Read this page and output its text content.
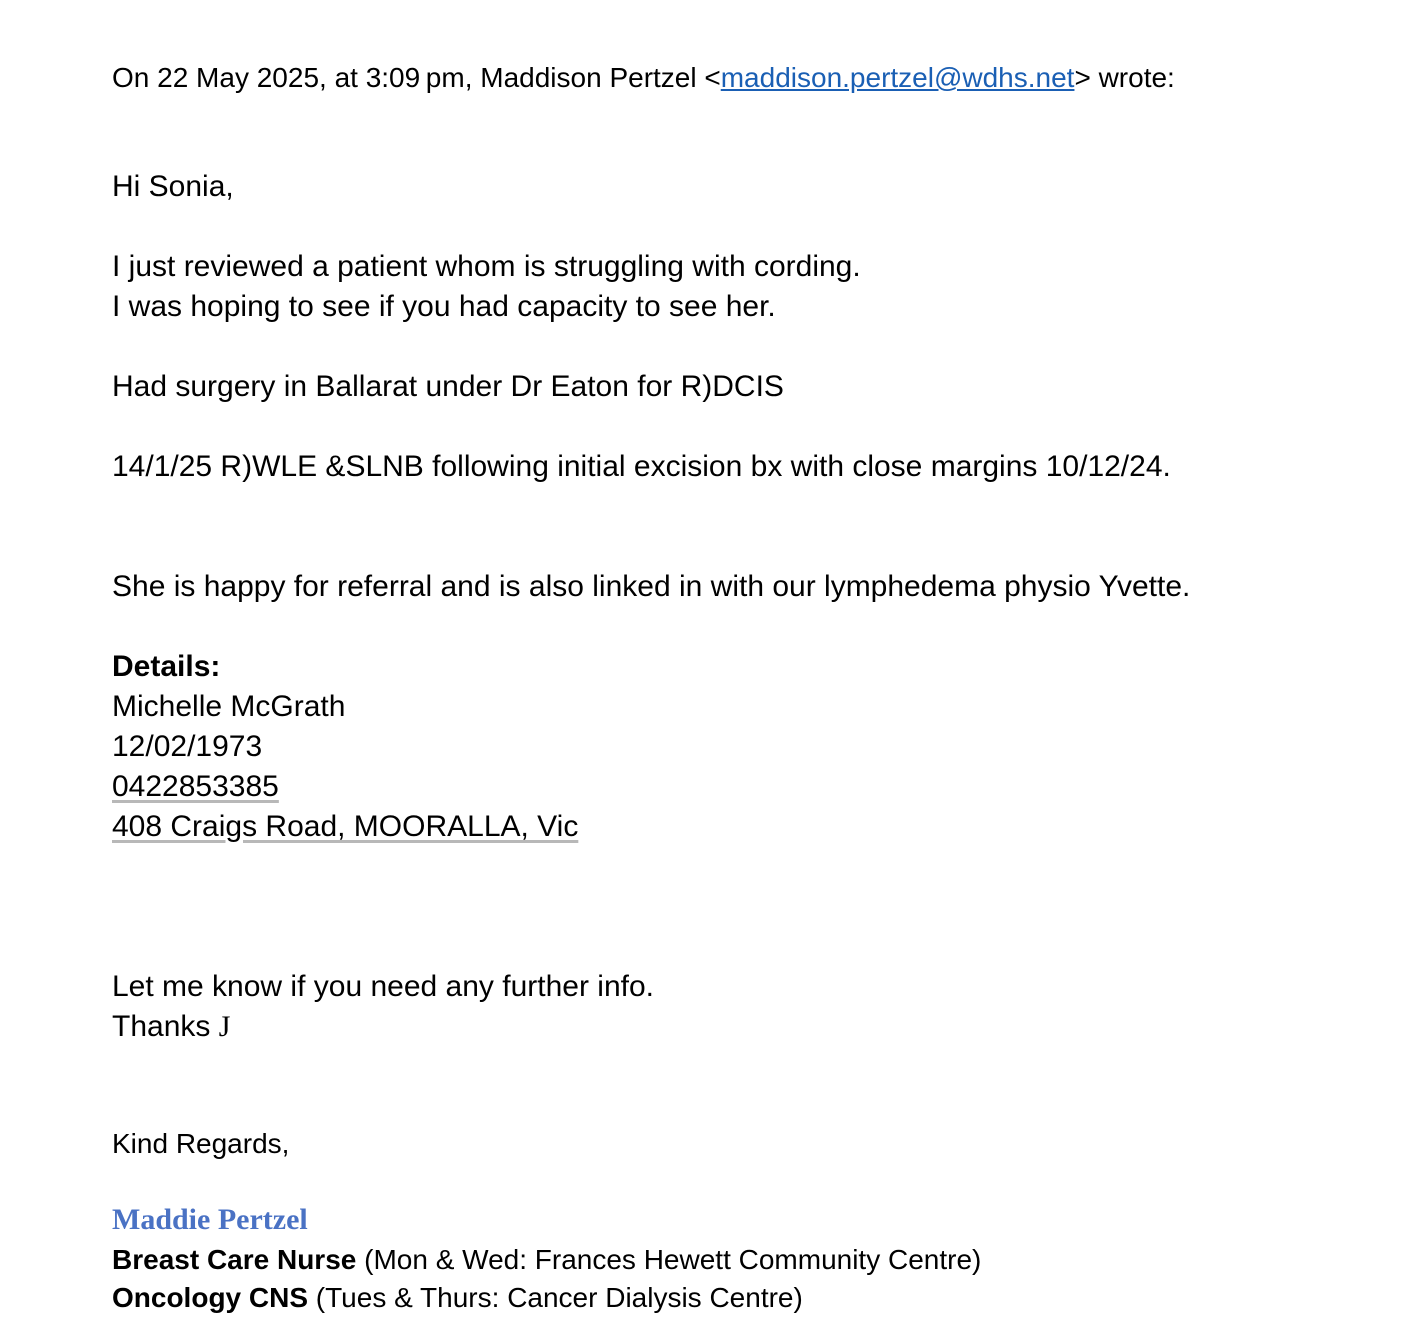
On 22 May 2025, at 3:09 pm, Maddison Pertzel <maddison.pertzel@wdhs.net> wrote:
Hi Sonia,
I just reviewed a patient whom is struggling with cording.
I was hoping to see if you had capacity to see her.
Had surgery in Ballarat under Dr Eaton for R)DCIS
14/1/25 R)WLE &SLNB following initial excision bx with close margins 10/12/24.
She is happy for referral and is also linked in with our lymphedema physio Yvette.
Details:
Michelle McGrath
12/02/1973
0422853385
408 Craigs Road, MOORALLA, Vic
Let me know if you need any further info.
Thanks J
Kind Regards,
Maddie Pertzel
Breast Care Nurse (Mon & Wed: Frances Hewett Community Centre)
Oncology CNS (Tues & Thurs: Cancer Dialysis Centre)
